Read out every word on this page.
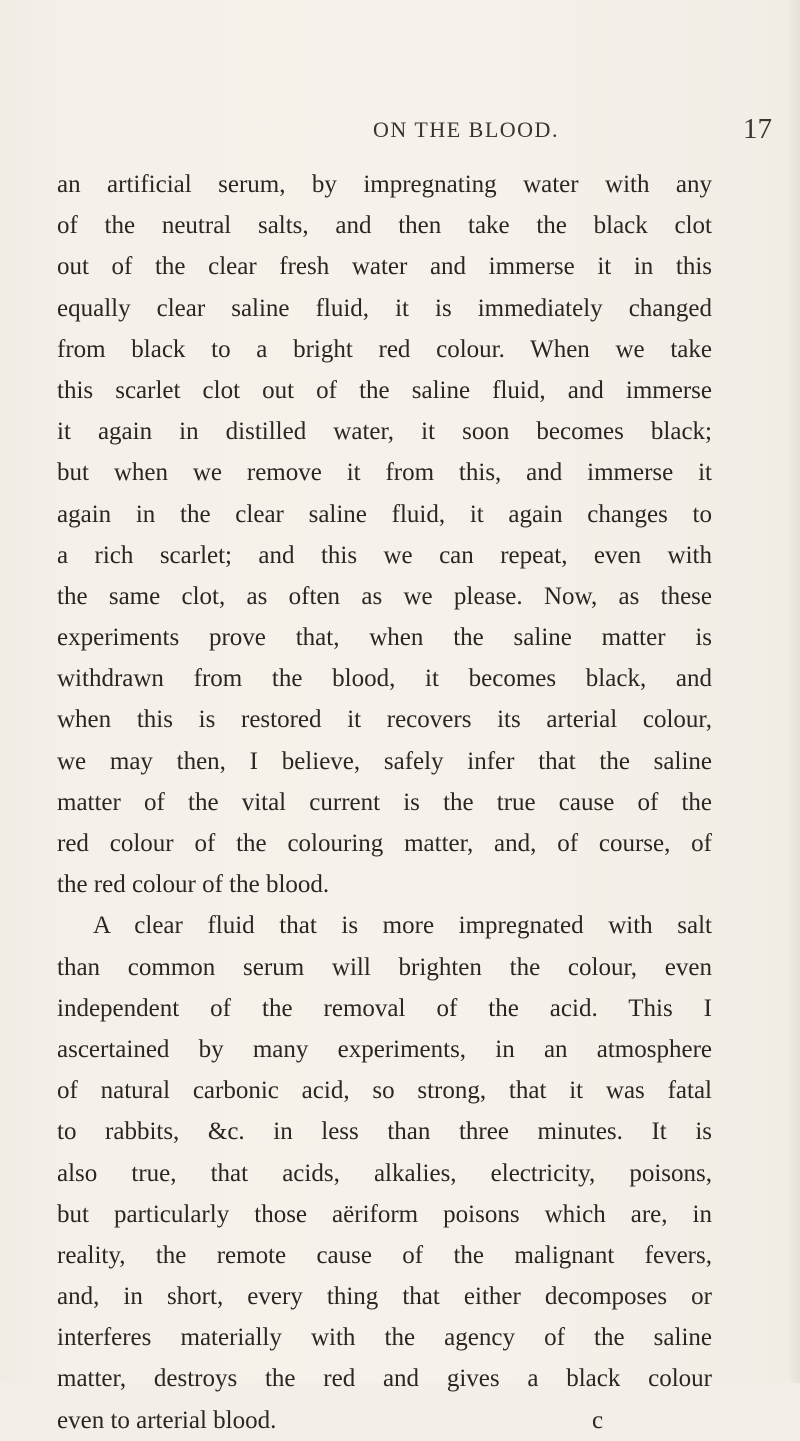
ON THE BLOOD.	17
an artificial serum, by impregnating water with any
of the neutral salts, and then take the black clot
out of the clear fresh water and immerse it in this
equally clear saline fluid, it is immediately changed
from black to a bright red colour. When we take
this scarlet clot out of the saline fluid, and immerse
it again in distilled water, it soon becomes black;
but when we remove it from this, and immerse it
again in the clear saline fluid, it again changes to
a rich scarlet; and this we can repeat, even with
the same clot, as often as we please. Now, as these
experiments prove that, when the saline matter is
withdrawn from the blood, it becomes black, and
when this is restored it recovers its arterial colour,
we may then, I believe, safely infer that the saline
matter of the vital current is the true cause of the
red colour of the colouring matter, and, of course, of
the red colour of the blood.
A clear fluid that is more impregnated with salt
than common serum will brighten the colour, even
independent of the removal of the acid. This I
ascertained by many experiments, in an atmosphere
of natural carbonic acid, so strong, that it was fatal
to rabbits, &c. in less than three minutes. It is
also true, that acids, alkalies, electricity, poisons,
but particularly those aëriform poisons which are, in
reality, the remote cause of the malignant fevers,
and, in short, every thing that either decomposes or
interferes materially with the agency of the saline
matter, destroys the red and gives a black colour
even to arterial blood.	c
